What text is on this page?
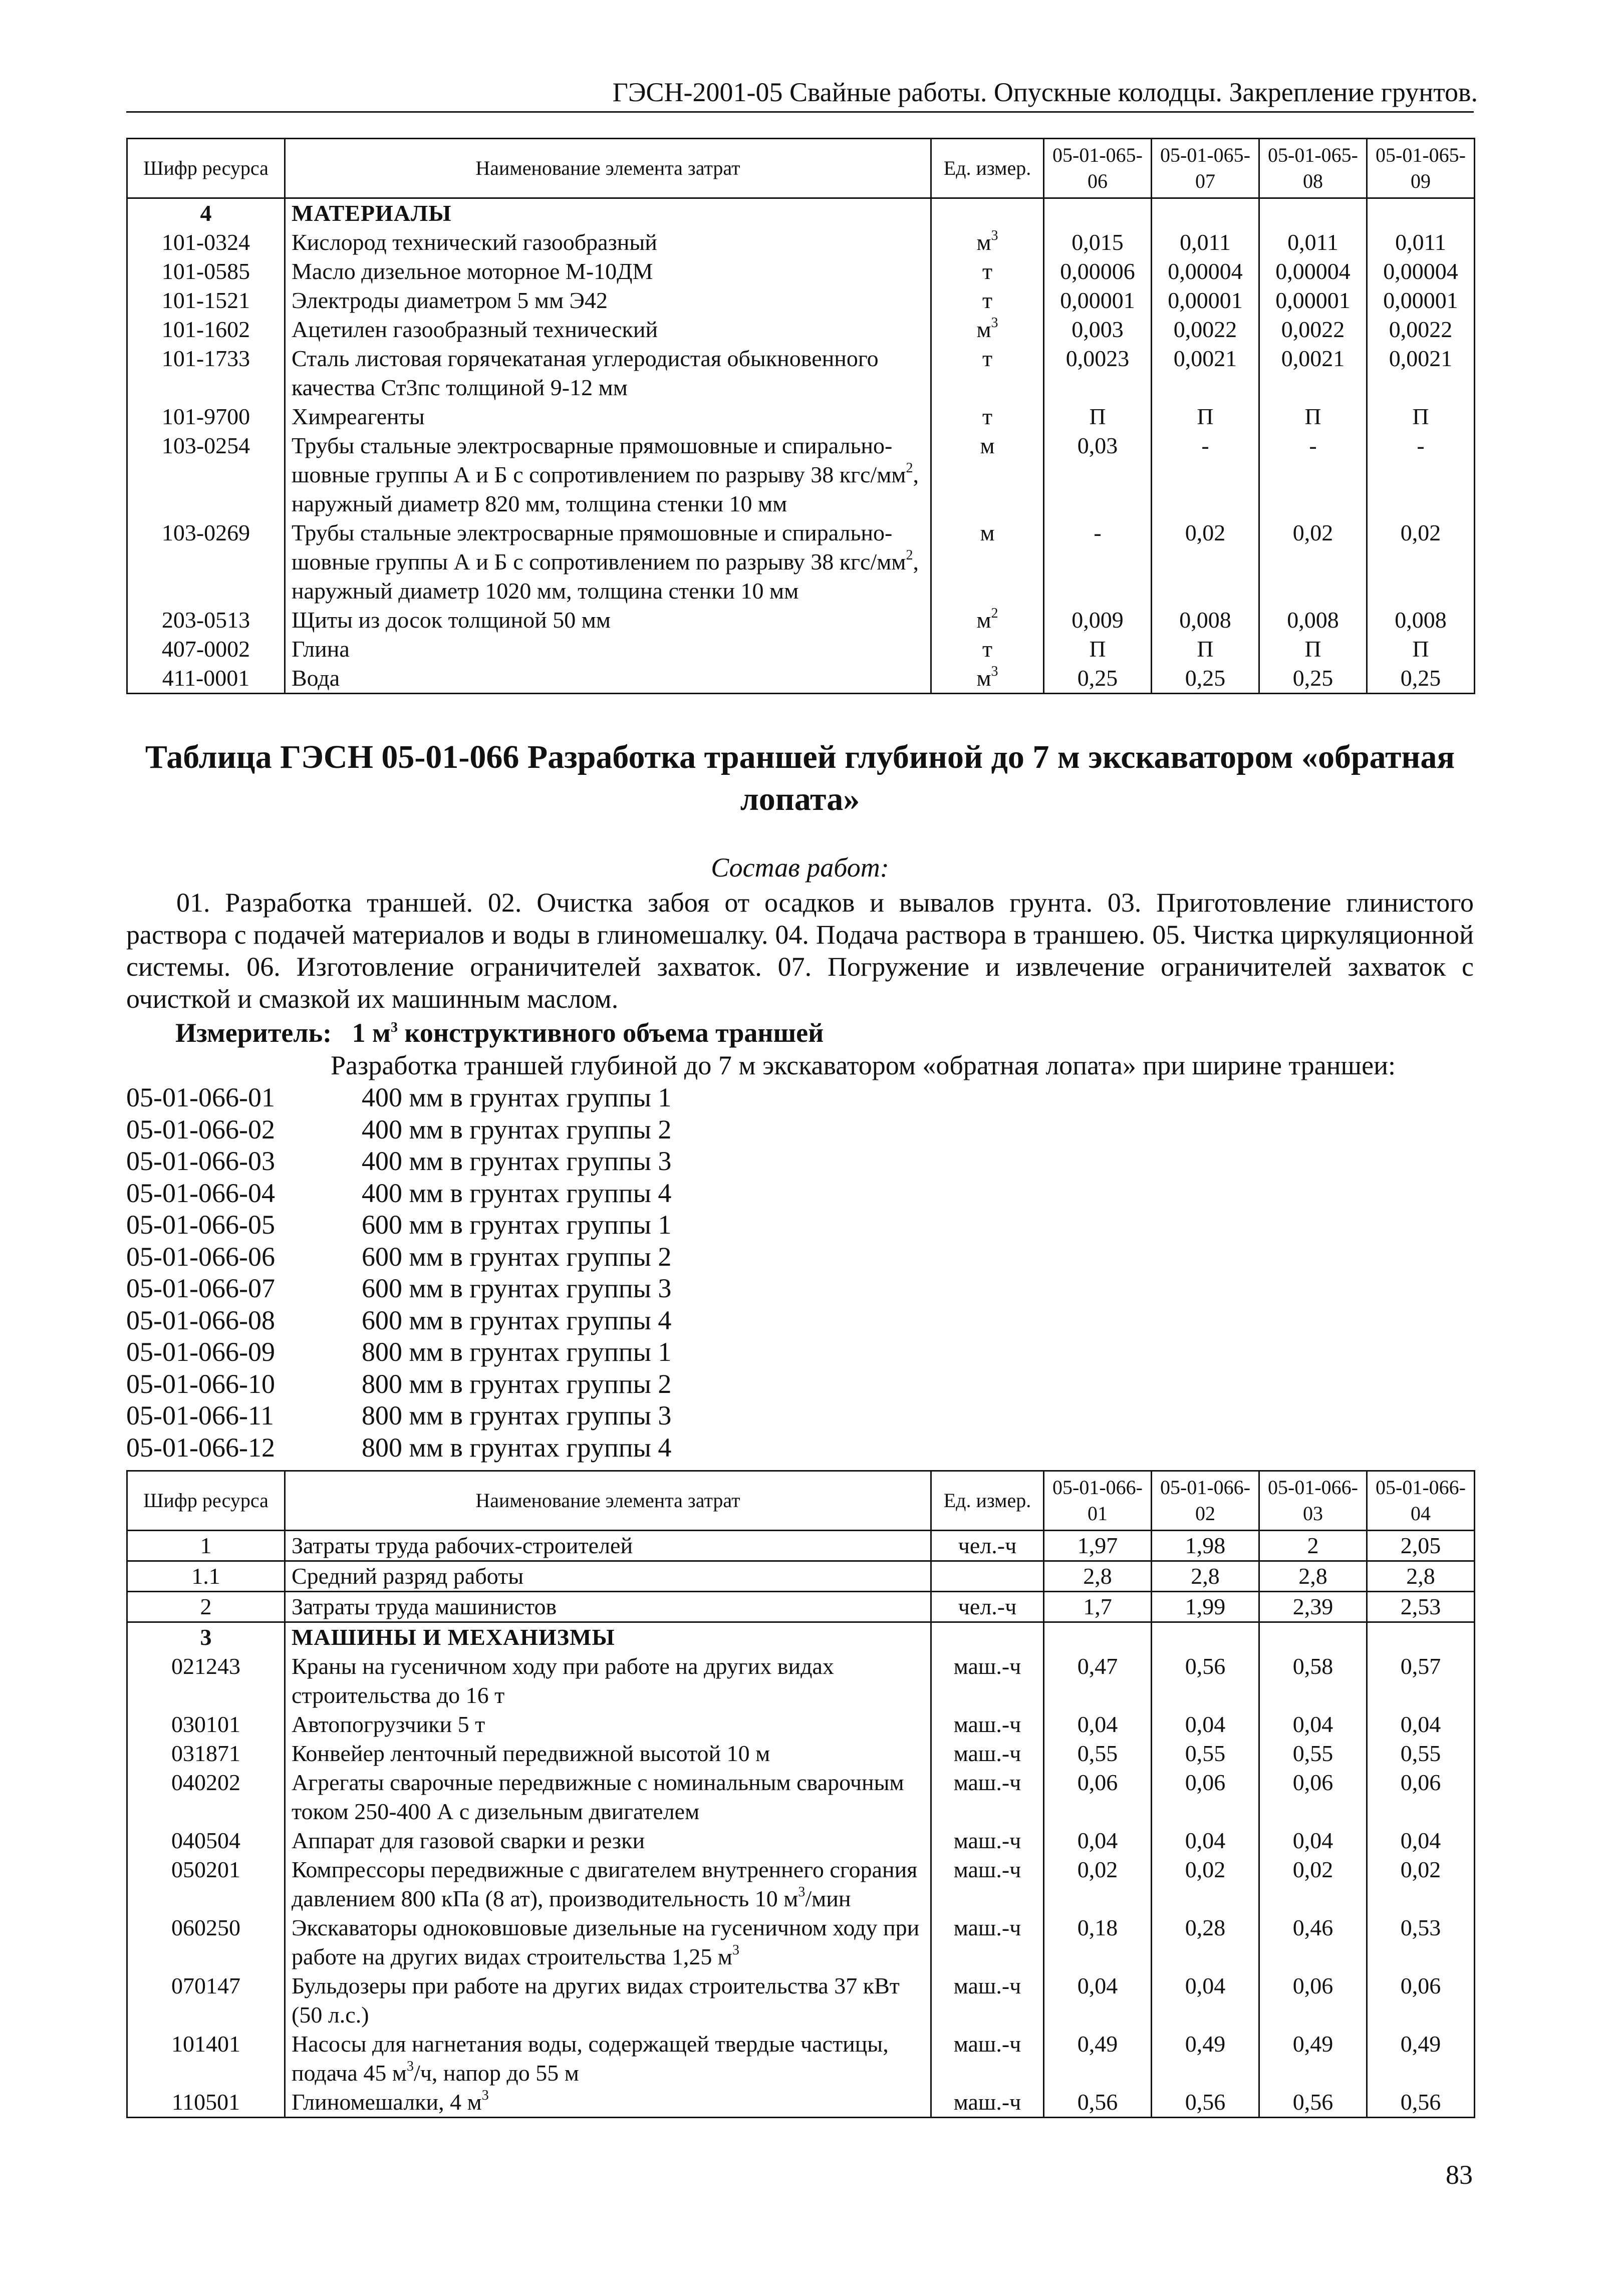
ГЭСН-2001-05 Свайные работы. Опускные колодцы. Закрепление грунтов.
Шифр ресурса	Наименование элемента затрат	Ед. измер.	05-01-065-06	05-01-065-07	05-01-065-08	05-01-065-09
4	МАТЕРИАЛЫ					
101-0324	Кислород технический газообразный	$м^3$	0,015	0,011	0,011	0,011
101-0585	Масло дизельное моторное М-10ДМ	т	0,00006	0,00004	0,00004	0,00004
101-1521	Электроды диаметром 5 мм Э42	т	0,00001	0,00001	0,00001	0,00001
101-1602	Ацетилен газообразный технический	$м^3$	0,003	0,0022	0,0022	0,0022
101-1733	Сталь листовая горячекатаная углеродистая обыкновенного качества Ст3пс толщиной 9-12 мм	т	0,0023	0,0021	0,0021	0,0021
101-9700	Химреагенты	т	П	П	П	П
103-0254	Трубы стальные электросварные прямошовные и спирально-шовные группы А и Б с сопротивлением по разрыву 38 кгс/$мм^2$, наружный диаметр 820 мм, толщина стенки 10 мм	м	0,03	-	-	-
103-0269	Трубы стальные электросварные прямошовные и спирально-шовные группы А и Б с сопротивлением по разрыву 38 кгс/$мм^2$, наружный диаметр 1020 мм, толщина стенки 10 мм	м	-	0,02	0,02	0,02
203-0513	Щиты из досок толщиной 50 мм	$м^2$	0,009	0,008	0,008	0,008
407-0002	Глина	т	П	П	П	П
411-0001	Вода	$м^3$	0,25	0,25	0,25	0,25
Таблица ГЭСН 05-01-066 Разработка траншей глубиной до 7 м экскаватором «обратная лопата»
Состав работ:
01. Разработка траншей. 02. Очистка забоя от осадков и вывалов грунта. 03. Приготовление глинистого раствора с подачей материалов и воды в глиномешалку. 04. Подача раствора в траншею. 05. Чистка циркуляционной системы. 06. Изготовление ограничителей захваток. 07. Погружение и извлечение ограничителей захваток с очисткой и смазкой их машинным маслом.
Измеритель: 1 $м^3$ конструктивного объема траншей
Разработка траншей глубиной до 7 м экскаватором «обратная лопата» при ширине траншеи:
05-01-066-01	400 мм в грунтах группы 1
05-01-066-02	400 мм в грунтах группы 2
05-01-066-03	400 мм в грунтах группы 3
05-01-066-04	400 мм в грунтах группы 4
05-01-066-05	600 мм в грунтах группы 1
05-01-066-06	600 мм в грунтах группы 2
05-01-066-07	600 мм в грунтах группы 3
05-01-066-08	600 мм в грунтах группы 4
05-01-066-09	800 мм в грунтах группы 1
05-01-066-10	800 мм в грунтах группы 2
05-01-066-11	800 мм в грунтах группы 3
05-01-066-12	800 мм в грунтах группы 4
Шифр ресурса	Наименование элемента затрат	Ед. измер.	05-01-066-01	05-01-066-02	05-01-066-03	05-01-066-04
1	Затраты труда рабочих-строителей	чел.-ч	1,97	1,98	2	2,05
1.1	Средний разряд работы		2,8	2,8	2,8	2,8
2	Затраты труда машинистов	чел.-ч	1,7	1,99	2,39	2,53
3	МАШИНЫ И МЕХАНИЗМЫ					
021243	Краны на гусеничном ходу при работе на других видах строительства до 16 т	маш.-ч	0,47	0,56	0,58	0,57
030101	Автопогрузчики 5 т	маш.-ч	0,04	0,04	0,04	0,04
031871	Конвейер ленточный передвижной высотой 10 м	маш.-ч	0,55	0,55	0,55	0,55
040202	Агрегаты сварочные передвижные с номинальным сварочным током 250-400 А с дизельным двигателем	маш.-ч	0,06	0,06	0,06	0,06
040504	Аппарат для газовой сварки и резки	маш.-ч	0,04	0,04	0,04	0,04
050201	Компрессоры передвижные с двигателем внутреннего сгорания давлением 800 кПа (8 ат), производительность 10 $м^3$/мин	маш.-ч	0,02	0,02	0,02	0,02
060250	Экскаваторы одноковшовые дизельные на гусеничном ходу при работе на других видах строительства 1,25 $м^3$	маш.-ч	0,18	0,28	0,46	0,53
070147	Бульдозеры при работе на других видах строительства 37 кВт (50 л.с.)	маш.-ч	0,04	0,04	0,06	0,06
101401	Насосы для нагнетания воды, содержащей твердые частицы, подача 45 $м^3/ч$, напор до 55 м	маш.-ч	0,49	0,49	0,49	0,49
110501	Глиномешалки, 4 $м^3$	маш.-ч	0,56	0,56	0,56	0,56
83
